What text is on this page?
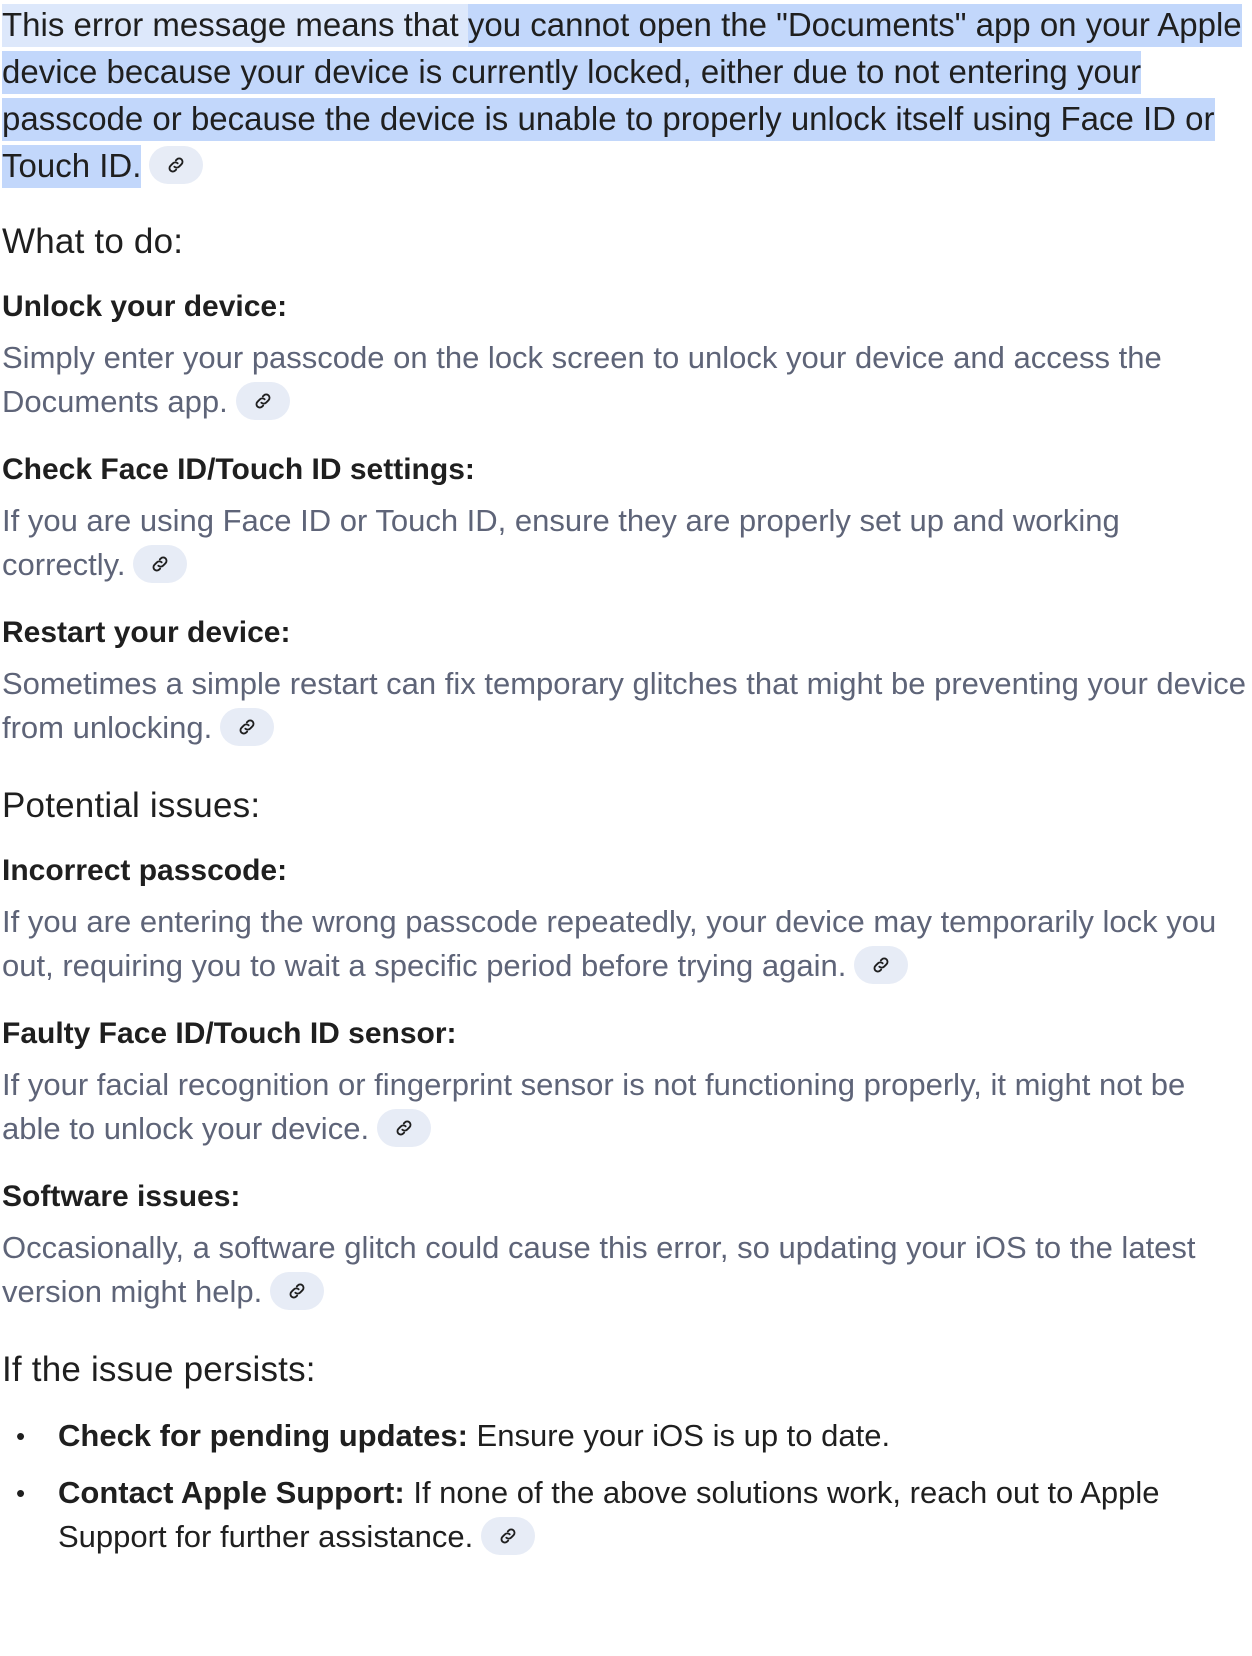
This error message means that you cannot open the "Documents" app on your Apple device because your device is currently locked, either due to not entering your passcode or because the device is unable to properly unlock itself using Face ID or Touch ID.

What to do:
Unlock your device:

Simply enter your passcode on the lock screen to unlock your device and access the Documents app.

Check Face ID/Touch ID settings:

If you are using Face ID or Touch ID, ensure they are properly set up and working correctly.

Restart your device:

Sometimes a simple restart can fix temporary glitches that might be preventing your device from unlocking.

Potential issues:
Incorrect passcode:

If you are entering the wrong passcode repeatedly, your device may temporarily lock you out, requiring you to wait a specific period before trying again.

Faulty Face ID/Touch ID sensor:

If your facial recognition or fingerprint sensor is not functioning properly, it might not be able to unlock your device.

Software issues:

Occasionally, a software glitch could cause this error, so updating your iOS to the latest version might help.

If the issue persists:
• Check for pending updates: Ensure your iOS is up to date.
• Contact Apple Support: If none of the above solutions work, reach out to Apple Support for further assistance.
